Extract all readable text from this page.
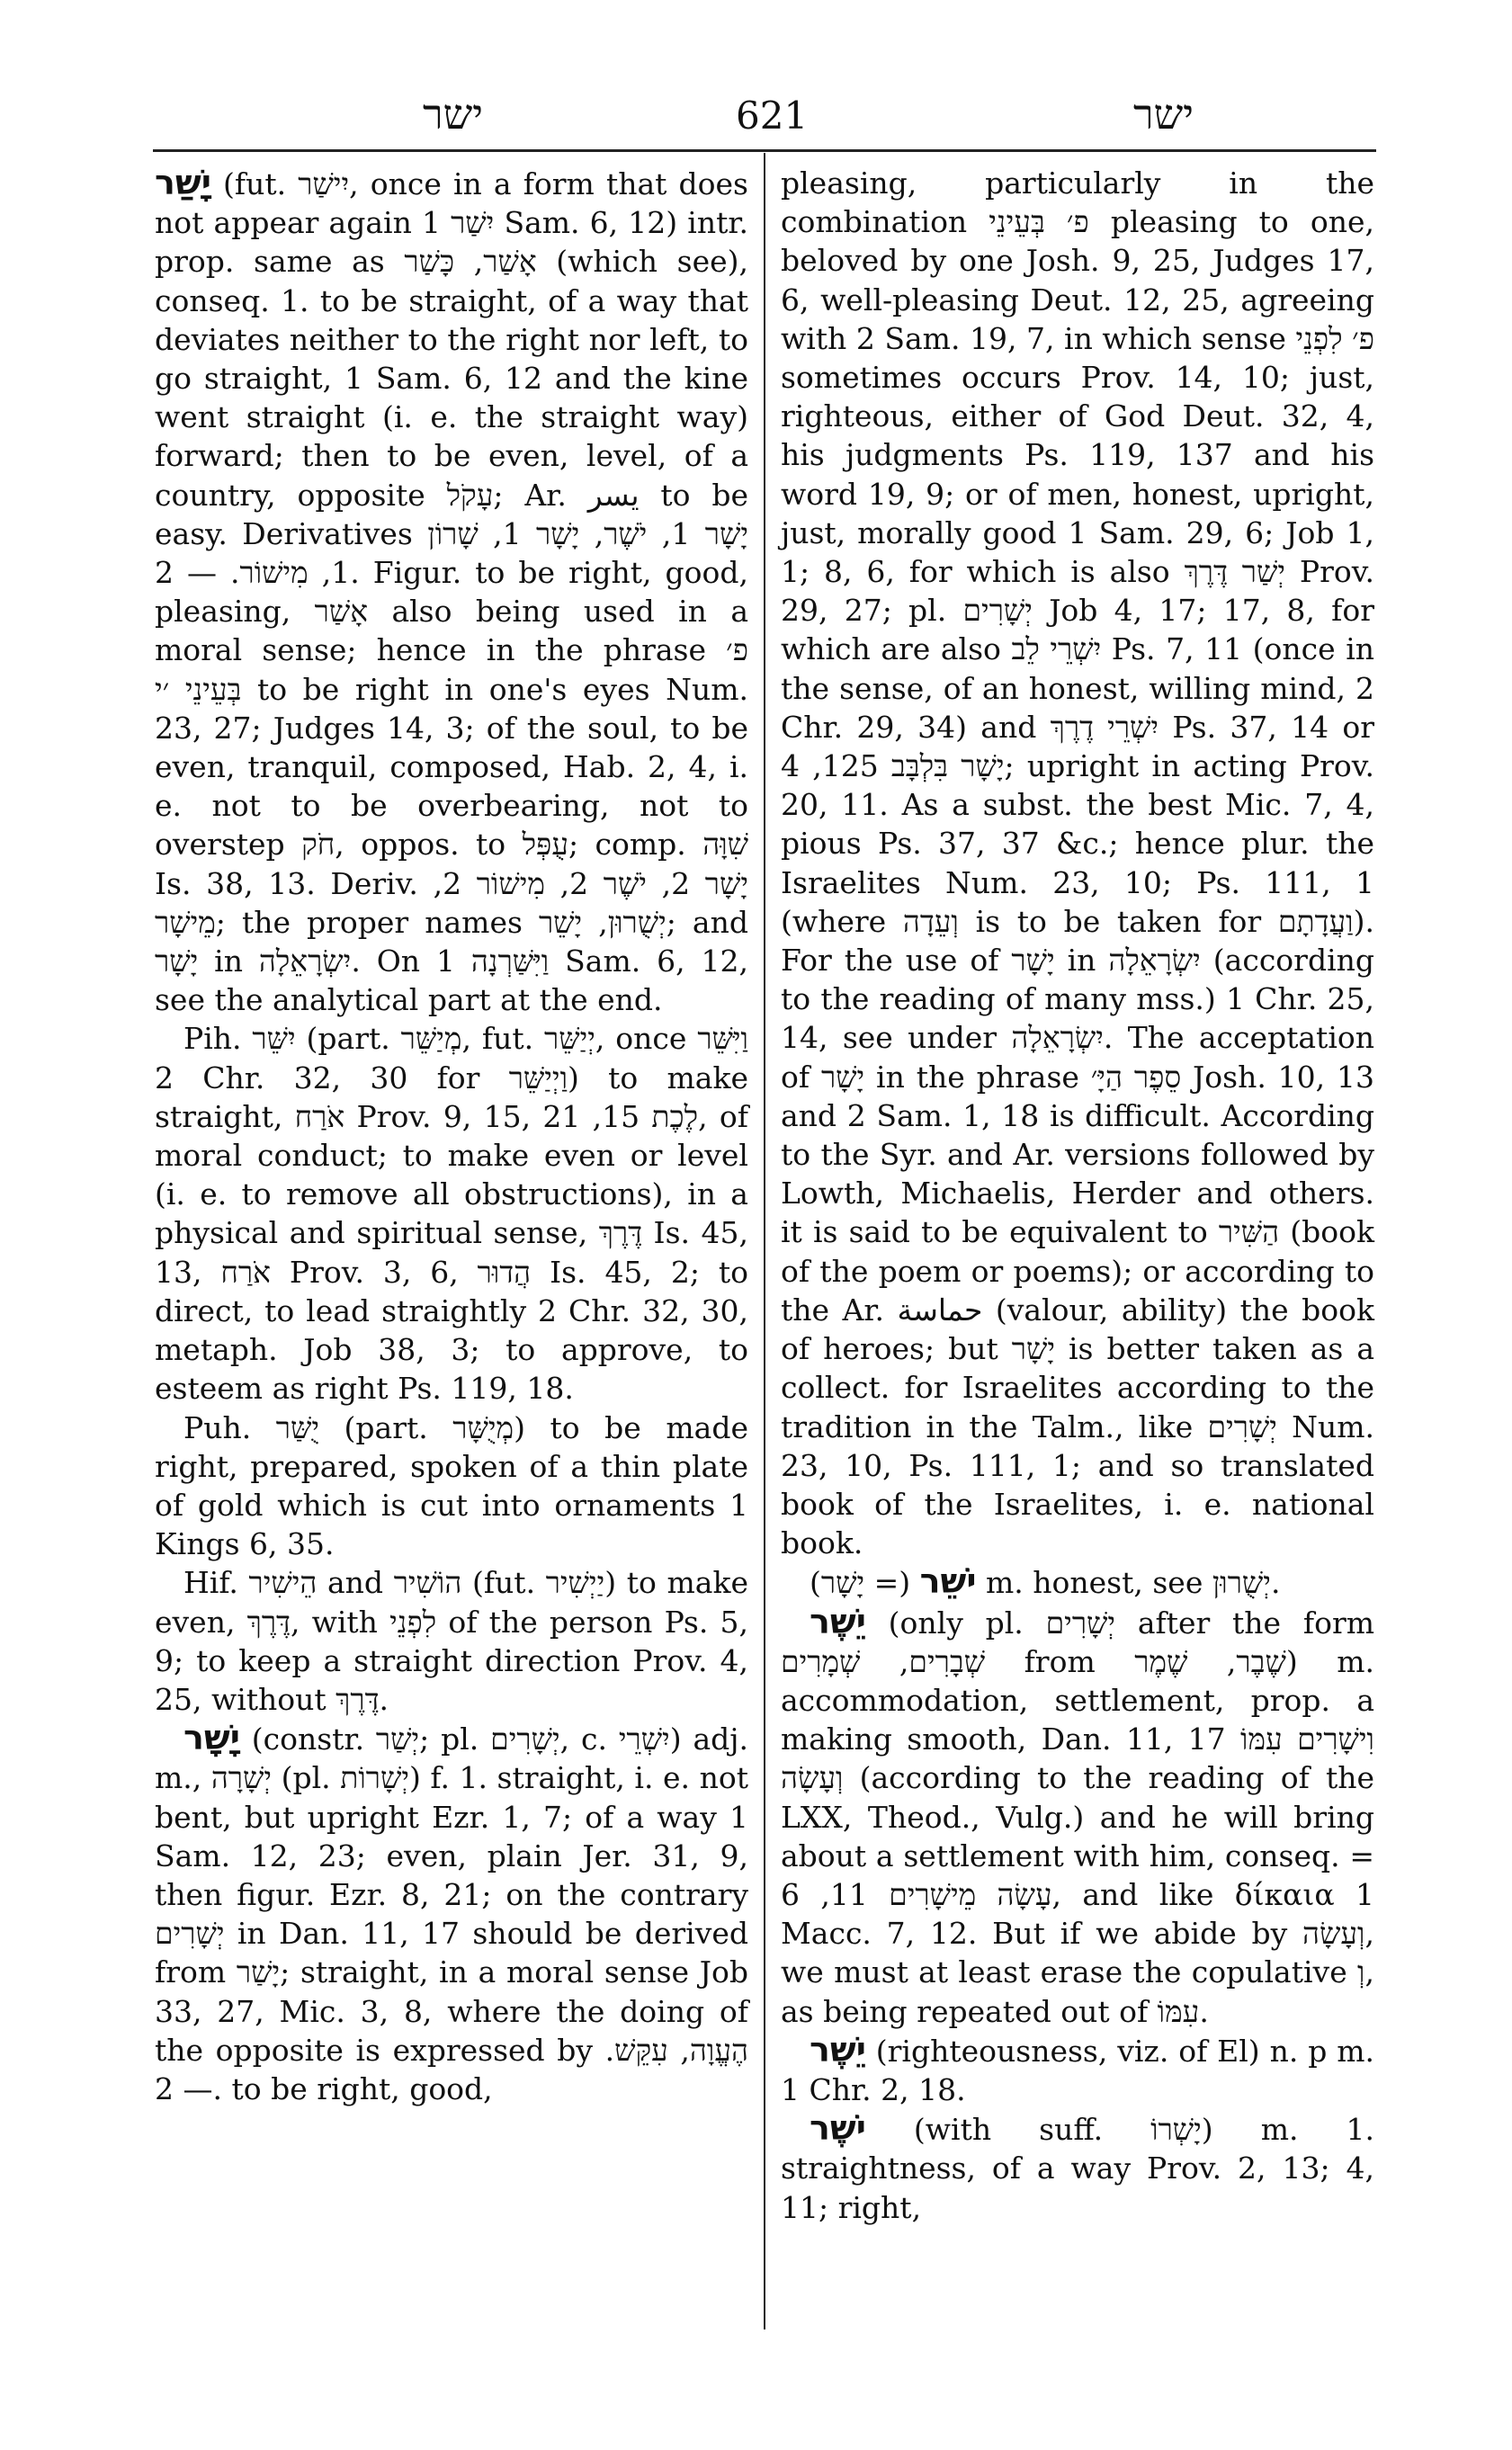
ישר	621	ישר

יָשַׁר (fut. יִישַׁר, once in a form that does not appear again יִשַׁר 1 Sam. 6, 12) intr. prop. same as אָשַׁר, כָּשַׁר (which see), conseq. 1. to be straight, of a way that deviates neither to the right nor left, to go straight, 1 Sam. 6, 12 and the kine went straight (i. e. the straight way) forward; then to be even, level, of a country, opposite עָקֹל; Ar. يسر to be easy. Derivatives יָשָׁר 1, יֹשֶׁר, יָשָׁר 1, שָׁרוֹן 1, מִישׁוֹר. — 2. Figur. to be right, good, pleasing, אָשַׁר also being used in a moral sense; hence in the phrase פ׳ בְּעֵינֵי ׳י to be right in one's eyes Num. 23, 27; Judges 14, 3; of the soul, to be even, tranquil, composed, Hab. 2, 4, i. e. not to be overbearing, not to overstep חֹק, oppos. to עֻפְּל; comp. שִׁוָּה Is. 38, 13. Deriv. יָשָׁר 2, יֹשֶׁר 2, מִישׁוֹר 2, מֵישָׁר; the proper names יְשֻׁרוּן, יָשֵׁר; and יָשָׁר in יִשְׂרָאֵלָה. On וַיִּשַּׁרְנָה 1 Sam. 6, 12, see the analytical part at the end.

Pih. יִשֵּׁר (part. מְיַשֵּׁר, fut. יְיַשֵּׁר, once וַיִּשֵּׁר 2 Chr. 32, 30 for וַיְיַשֵּׁר) to make straight, אֹרַח Prov. 9, 15, לֶכֶת 15, 21, of moral conduct; to make even or level (i. e. to remove all obstructions), in a physical and spiritual sense, דֶּרֶךְ Is. 45, 13, אֹרַח Prov. 3, 6, הֲדוּר Is. 45, 2; to direct, to lead straightly 2 Chr. 32, 30, metaph. Job 38, 3; to approve, to esteem as right Ps. 119, 18.

Puh. יֻשַּׁר (part. מְיֻשָּׁר) to be made right, prepared, spoken of a thin plate of gold which is cut into ornaments 1 Kings 6, 35.

Hif. הֵישִׁיר and הוֹשִׁיר (fut. יַיְשִׁיר) to make even, דֶּרֶךְ, with לִפְנֵי of the person Ps. 5, 9; to keep a straight direction Prov. 4, 25, without דֶּרֶךְ.

יָשָׁר (constr. יְשַׁר; pl. יְשָׁרִים, c. יִשְׁרֵי) adj. m., יְשָׁרָה (pl. יְשָׁרוֹת) f. 1. straight, i. e. not bent, but upright Ezr. 1, 7; of a way 1 Sam. 12, 23; even, plain Jer. 31, 9, then figur. Ezr. 8, 21; on the contrary יְשָׁרִים in Dan. 11, 17 should be derived from יָשַׁר; straight, in a moral sense Job 33, 27, Mic. 3, 8, where the doing of the opposite is expressed by הֶעֱוָה, עִקֵּשׁ. — 2. to be right, good,

pleasing, particularly in the combination פ׳ בְּעֵינֵי pleasing to one, beloved by one Josh. 9, 25, Judges 17, 6, well-pleasing Deut. 12, 25, agreeing with 2 Sam. 19, 7, in which sense פ׳ לִפְנֵי sometimes occurs Prov. 14, 10; just, righteous, either of God Deut. 32, 4, his judgments Ps. 119, 137 and his word 19, 9; or of men, honest, upright, just, morally good 1 Sam. 29, 6; Job 1, 1; 8, 6, for which is also יְשַׁר דֶּרֶךְ Prov. 29, 27; pl. יְשָׁרִים Job 4, 17; 17, 8, for which are also יִשְׁרֵי לֵב Ps. 7, 11 (once in the sense, of an honest, willing mind, 2 Chr. 29, 34) and יִשְׁרֵי דֶרֶךְ Ps. 37, 14 or יָשָׁר בִּלְבָּב 125, 4; upright in acting Prov. 20, 11. As a subst. the best Mic. 7, 4, pious Ps. 37, 37 &c.; hence plur. the Israelites Num. 23, 10; Ps. 111, 1 (where וְעֵדָה is to be taken for וַעֲדָתָם). For the use of יָשָׁר in יִשְׂרָאֵלָה (according to the reading of many mss.) 1 Chr. 25, 14, see under יִשְׂרָאֵלָה. The acceptation of יָשָׁר in the phrase סֵפֶר הַיָּ׳ Josh. 10, 13 and 2 Sam. 1, 18 is difficult. According to the Syr. and Ar. versions followed by Lowth, Michaelis, Herder and others. it is said to be equivalent to הַשִּׁיר (book of the poem or poems); or according to the Ar. حماسة (valour, ability) the book of heroes; but יָשָׁר is better taken as a collect. for Israelites according to the tradition in the Talm., like יְשָׁרִים Num. 23, 10, Ps. 111, 1; and so translated book of the Israelites, i. e. national book.

יֹשֵׁר (= יָשָׁר) m. honest, see יְשֻׁרוּן.

יֵשֶׁר (only pl. יְשָׁרִים after the form שְׁבָרִים, שְׁמָרִים from שֶׁבֶר, שֶׁמֶר) m. accommodation, settlement, prop. a making smooth, Dan. 11, 17 וִישָׁרִים עִמּוֹ וְעָשָׂה (according to the reading of the LXX, Theod., Vulg.) and he will bring about a settlement with him, conseq. = עָשָׂה מֵישָׁרִים 11, 6, and like δίκαια 1 Macc. 7, 12. But if we abide by וְעָשָׂה, we must at least erase the copulative וְ, as being repeated out of עִמּוֹ.

יֵשֶׁר (righteousness, viz. of El) n. p m. 1 Chr. 2, 18.

יֹשֶׁר (with suff. יָשְׁרוֹ) m. 1. straightness, of a way Prov. 2, 13; 4, 11; right,
